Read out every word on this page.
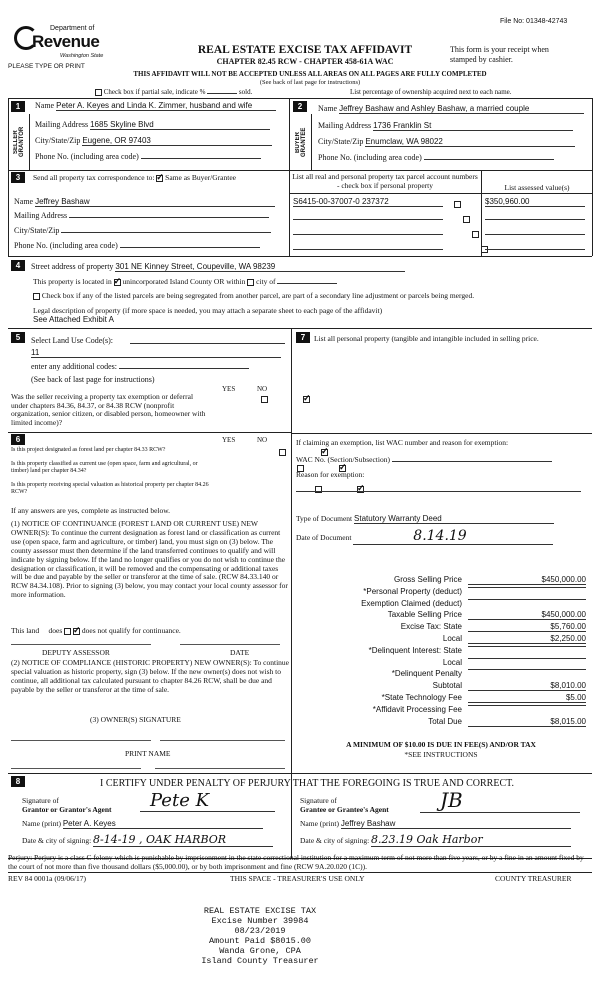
File No: 01348-42743
Department of
Revenue
Washington State
PLEASE TYPE OR PRINT
REAL ESTATE EXCISE TAX AFFIDAVIT
CHAPTER 82.45 RCW - CHAPTER 458-61A WAC
This form is your receipt when stamped by cashier.
THIS AFFIDAVIT WILL NOT BE ACCEPTED UNLESS ALL AREAS ON ALL PAGES ARE FULLY COMPLETED
(See back of last page for instructions)
Check box if partial sale, indicate %	sold.	List percentage of ownership acquired next to each name.
1
SELLER GRANTOR
Name Peter A. Keyes and Linda K. Zimmer, husband and wife
Mailing Address 1685 Skyline Blvd
City/State/Zip Eugene, OR 97403
Phone No. (including area code)
2
BUYER GRANTEE
Name Jeffrey Bashaw and Ashley Bashaw, a married couple
Mailing Address 1736 Franklin St
City/State/Zip Enumclaw, WA 98022
Phone No. (including area code)
3	Send all property tax correspondence to: ✓ Same as Buyer/Grantee
Name Jeffrey Bashaw
Mailing Address
City/State/Zip
Phone No. (including area code)
List all real and personal property tax parcel account numbers - check box if personal property	List assessed value(s)
S6415-00-37007-0 237372
	$350,960.00

4	Street address of property 301 NE Kinney Street, Coupeville, WA 98239
This property is located in ✓ unincorporated Island County OR within city of
Check box if any of the listed parcels are being segregated from another parcel, are part of a secondary line adjustment or parcels being merged.
Legal description of property (if more space is needed, you may attach a separate sheet to each page of the affidavit)
See Attached Exhibit A
5	Select Land Use Code(s):
11
enter any additional codes:
(See back of last page for instructions)
YES	NO
Was the seller receiving a property tax exemption or deferral under chapters 84.36, 84.37, or 84.38 RCW (nonprofit organization, senior citizen, or disabled person, homeowner with limited income)?
✓
6	YES	NO
Is this project designated as forest land per chapter 84.33 RCW?
✓
Is this property classified as current use (open space, farm and agricultural, or timber) land per chapter 84.34?
✓
Is this property receiving special valuation as historical property per chapter 84.26 RCW?
✓
If any answers are yes, complete as instructed below.
(1) NOTICE OF CONTINUANCE (FOREST LAND OR CURRENT USE) NEW OWNER(S): To continue the current designation as forest land or classification as current use (open space, farm and agriculture, or timber) land, you must sign on (3) below. The county assessor must then determine if the land transferred continues to qualify and will indicate by signing below. If the land no longer qualifies or you do not wish to continue the designation or classification, it will be removed and the compensating or additional taxes will be due and payable by the seller or transferor at the time of sale. (RCW 84.33.140 or RCW 84.34.108). Prior to signing (3) below, you may contact your local county assessor for more information.
This land does ✓	does not qualify for continuance.
DEPUTY ASSESSOR	DATE
(2) NOTICE OF COMPLIANCE (HISTORIC PROPERTY) NEW OWNER(S): To continue special valuation as historic property, sign (3) below. If the new owner(s) does not wish to continue, all additional tax calculated pursuant to chapter 84.26 RCW, shall be due and payable by the seller or transferor at the time of sale.
(3) OWNER(S) SIGNATURE
PRINT NAME
7	List all personal property (tangible and intangible included in selling price.
If claiming an exemption, list WAC number and reason for exemption:
WAC No. (Section/Subsection)
Reason for exemption:
Type of Document Statutory Warranty Deed
Date of Document	8.14.19
Gross Selling Price	$450,000.00
*Personal Property (deduct)
Exemption Claimed (deduct)
Taxable Selling Price	$450,000.00
Excise Tax: State	$5,760.00
Local	$2,250.00
*Delinquent Interest: State
Local
*Delinquent Penalty
Subtotal	$8,010.00
*State Technology Fee	$5.00
*Affidavit Processing Fee
Total Due	$8,015.00
A MINIMUM OF $10.00 IS DUE IN FEE(S) AND/OR TAX
*SEE INSTRUCTIONS
8	I CERTIFY UNDER PENALTY OF PERJURY THAT THE FOREGOING IS TRUE AND CORRECT.
Signature of
Grantor or Grantor's Agent	Pete K
Name (print) Peter A. Keyes
Date & city of signing: 8-14-19 , OAK HARBOR
Signature of
Grantee or Grantee's Agent	JB
Name (print) Jeffrey Bashaw
Date & city of signing: 8.23.19 Oak Harbor
Perjury: Perjury is a class C felony which is punishable by imprisonment in the state correctional institution for a maximum term of not more than five years, or by a fine in an amount fixed by the court of not more than five thousand dollars ($5,000.00), or by both imprisonment and fine (RCW 9A.20.020 (1C)).
REV 84 0001a (09/06/17)	THIS SPACE - TREASURER'S USE ONLY	COUNTY TREASURER
REAL ESTATE EXCISE TAX
Excise Number 39984
08/23/2019
Amount Paid $8015.00
Wanda Grone, CPA
Island County Treasurer
